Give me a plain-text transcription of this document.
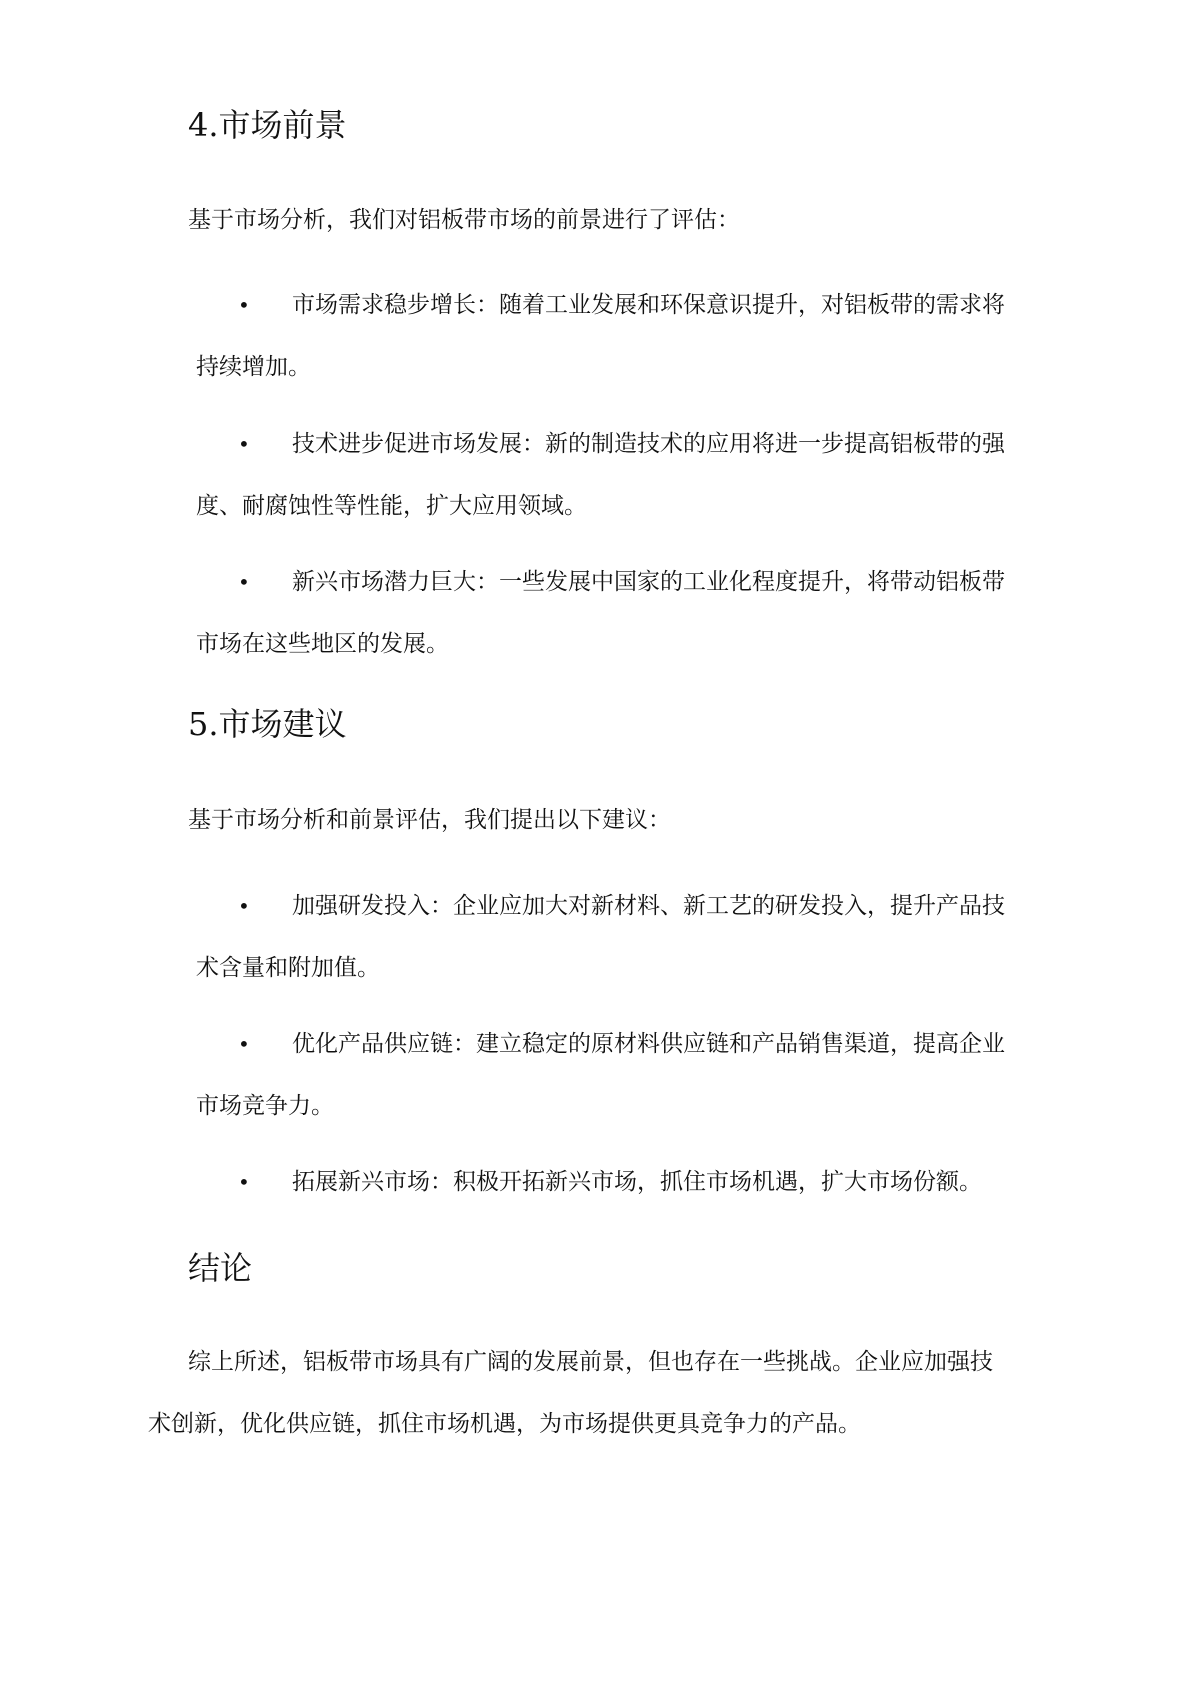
4.市场前景

基于市场分析，我们对铝板带市场的前景进行了评估：

• 市场需求稳步增长：随着工业发展和环保意识提升，对铝板带的需求将
持续增加。
• 技术进步促进市场发展：新的制造技术的应用将进一步提高铝板带的强
度、耐腐蚀性等性能，扩大应用领域。
• 新兴市场潜力巨大：一些发展中国家的工业化程度提升，将带动铝板带
市场在这些地区的发展。
5.市场建议

基于市场分析和前景评估，我们提出以下建议：

• 加强研发投入：企业应加大对新材料、新工艺的研发投入，提升产品技
术含量和附加值。
• 优化产品供应链：建立稳定的原材料供应链和产品销售渠道，提高企业
市场竞争力。
• 拓展新兴市场：积极开拓新兴市场，抓住市场机遇，扩大市场份额。
结论
综上所述，铝板带市场具有广阔的发展前景，但也存在一些挑战。企业应加强技
术创新，优化供应链，抓住市场机遇，为市场提供更具竞争力的产品。
